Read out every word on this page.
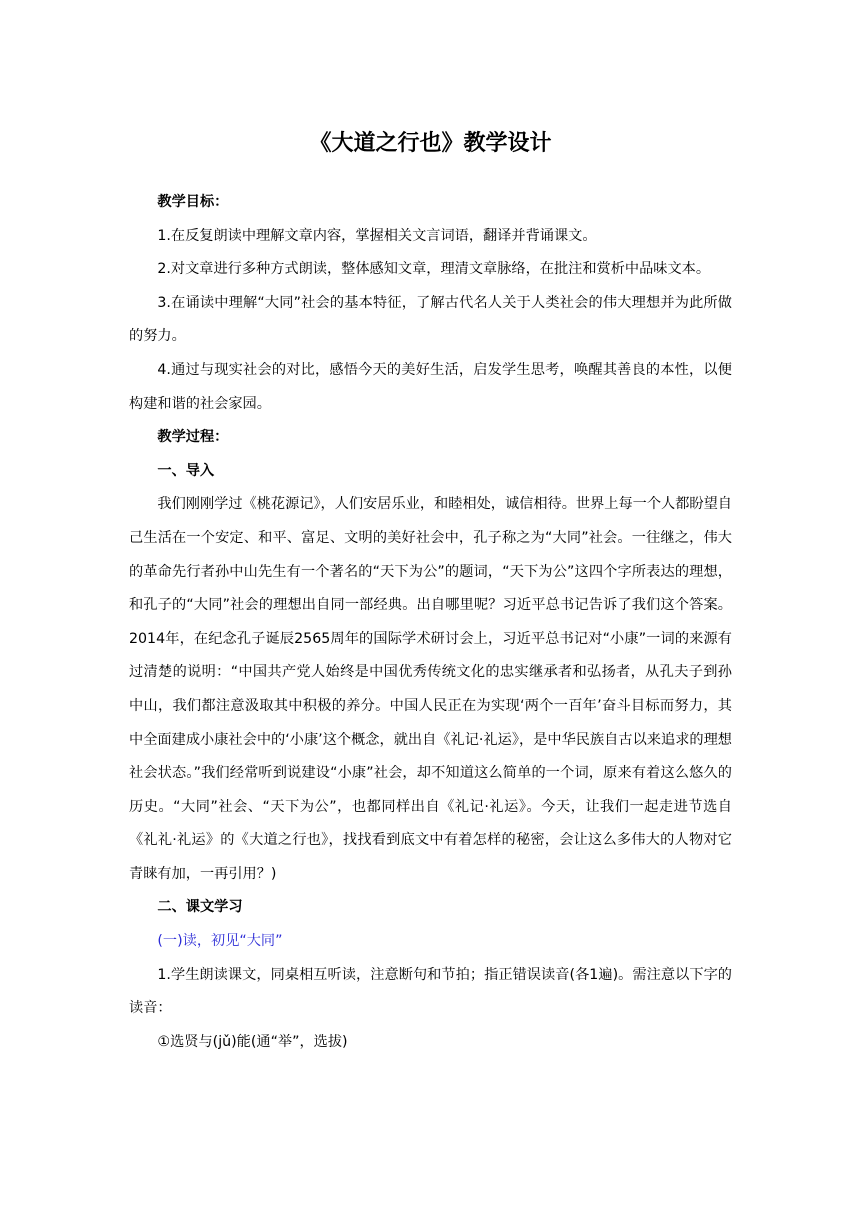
《大道之行也》教学设计

教学目标：

1.在反复朗读中理解文章内容，掌握相关文言词语，翻译并背诵课文。

2.对文章进行多种方式朗读，整体感知文章，理清文章脉络，在批注和赏析中品味文本。

3.在诵读中理解“大同”社会的基本特征，了解古代名人关于人类社会的伟大理想并为此所做的努力。

4.通过与现实社会的对比，感悟今天的美好生活，启发学生思考，唤醒其善良的本性，以便构建和谐的社会家园。

教学过程：

一、导入

我们刚刚学过《桃花源记》，人们安居乐业，和睦相处，诚信相待。世界上每一个人都盼望自己生活在一个安定、和平、富足、文明的美好社会中，孔子称之为“大同”社会。一往继之，伟大的革命先行者孙中山先生有一个著名的“天下为公”的题词，“天下为公”这四个字所表达的理想，和孔子的“大同”社会的理想出自同一部经典。出自哪里呢？习近平总书记告诉了我们这个答案。2014年，在纪念孔子诞辰2565周年的国际学术研讨会上，习近平总书记对“小康”一词的来源有过清楚的说明：“中国共产党人始终是中国优秀传统文化的忠实继承者和弘扬者，从孔夫子到孙中山，我们都注意汲取其中积极的养分。中国人民正在为实现‘两个一百年’奋斗目标而努力，其中全面建成小康社会中的‘小康’这个概念，就出自《礼记·礼运》，是中华民族自古以来追求的理想社会状态。”我们经常听到说建设“小康”社会，却不知道这么简单的一个词，原来有着这么悠久的历史。“大同”社会、“天下为公”，也都同样出自《礼记·礼运》。今天，让我们一起走进节选自《礼礼·礼运》的《大道之行也》，找找看到底文中有着怎样的秘密，会让这么多伟大的人物对它青睐有加，一再引用？)

二、课文学习

(一)读，初见“大同”

1.学生朗读课文，同桌相互听读，注意断句和节拍；指正错误读音(各1遍)。需注意以下字的读音：

①选贤与(jǔ)能(通“举”，选拔)
